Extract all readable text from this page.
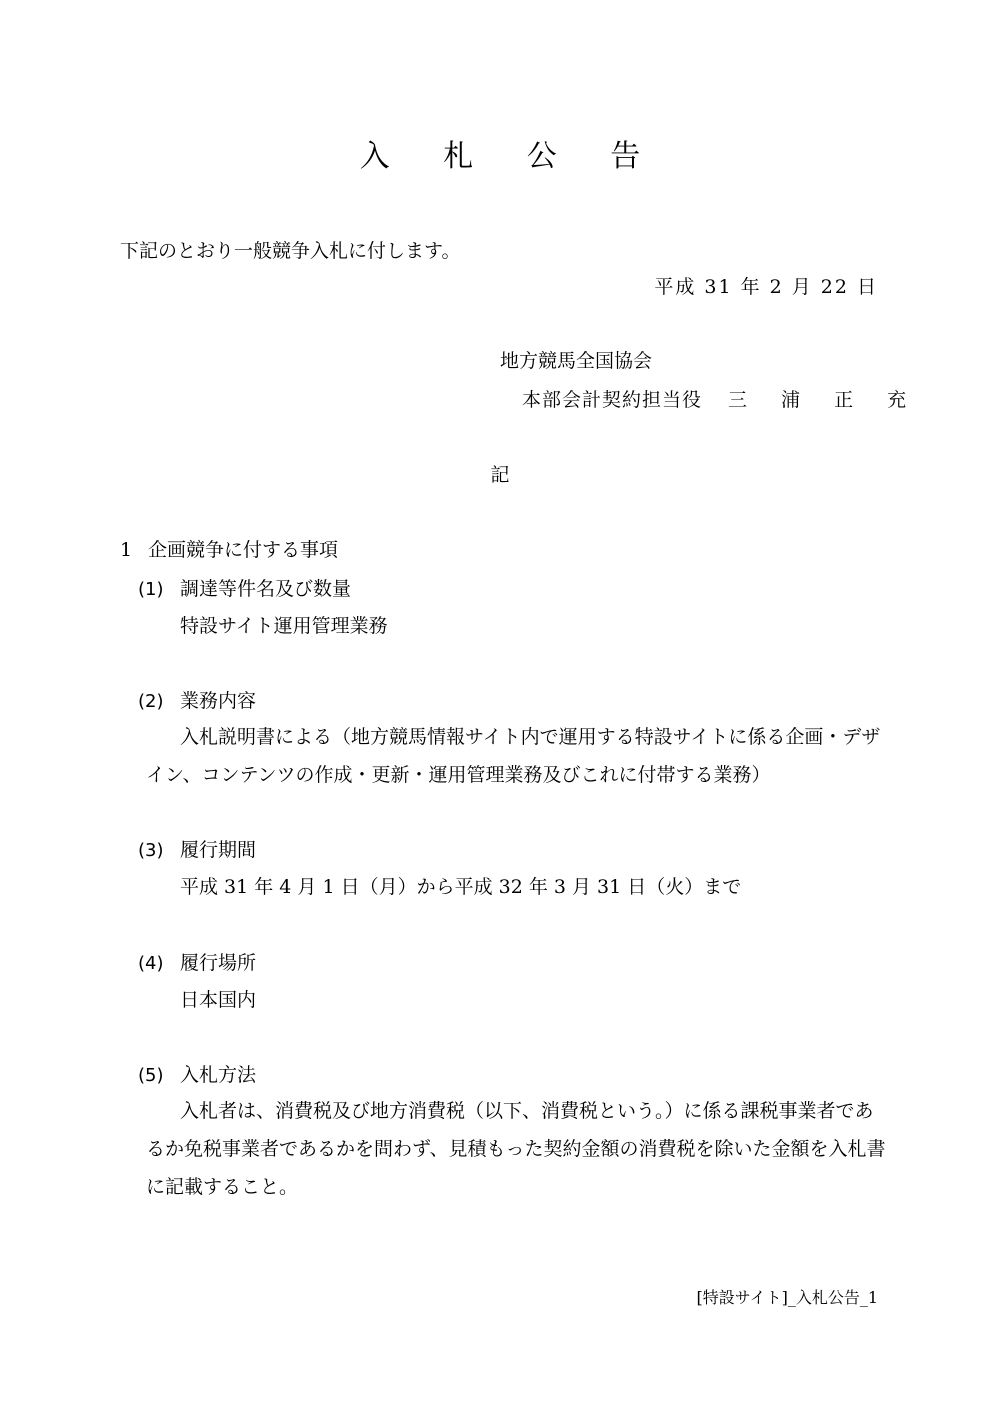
入 札 公 告
下記のとおり一般競争入札に付します。
平成 31 年 2 月 22 日
地方競馬全国協会
本部会計契約担当役 三 浦 正 充
記
1 企画競争に付する事項
(1) 調達等件名及び数量
特設サイト運用管理業務
(2) 業務内容
入札説明書による（地方競馬情報サイト内で運用する特設サイトに係る企画・デザイン、コンテンツの作成・更新・運用管理業務及びこれに付帯する業務）
(3) 履行期間
平成 31 年 4 月 1 日（月）から平成 32 年 3 月 31 日（火）まで
(4) 履行場所
日本国内
(5) 入札方法
入札者は、消費税及び地方消費税（以下、消費税という。）に係る課税事業者であるか免税事業者であるかを問わず、見積もった契約金額の消費税を除いた金額を入札書に記載すること。
[特設サイト]_入札公告_1
